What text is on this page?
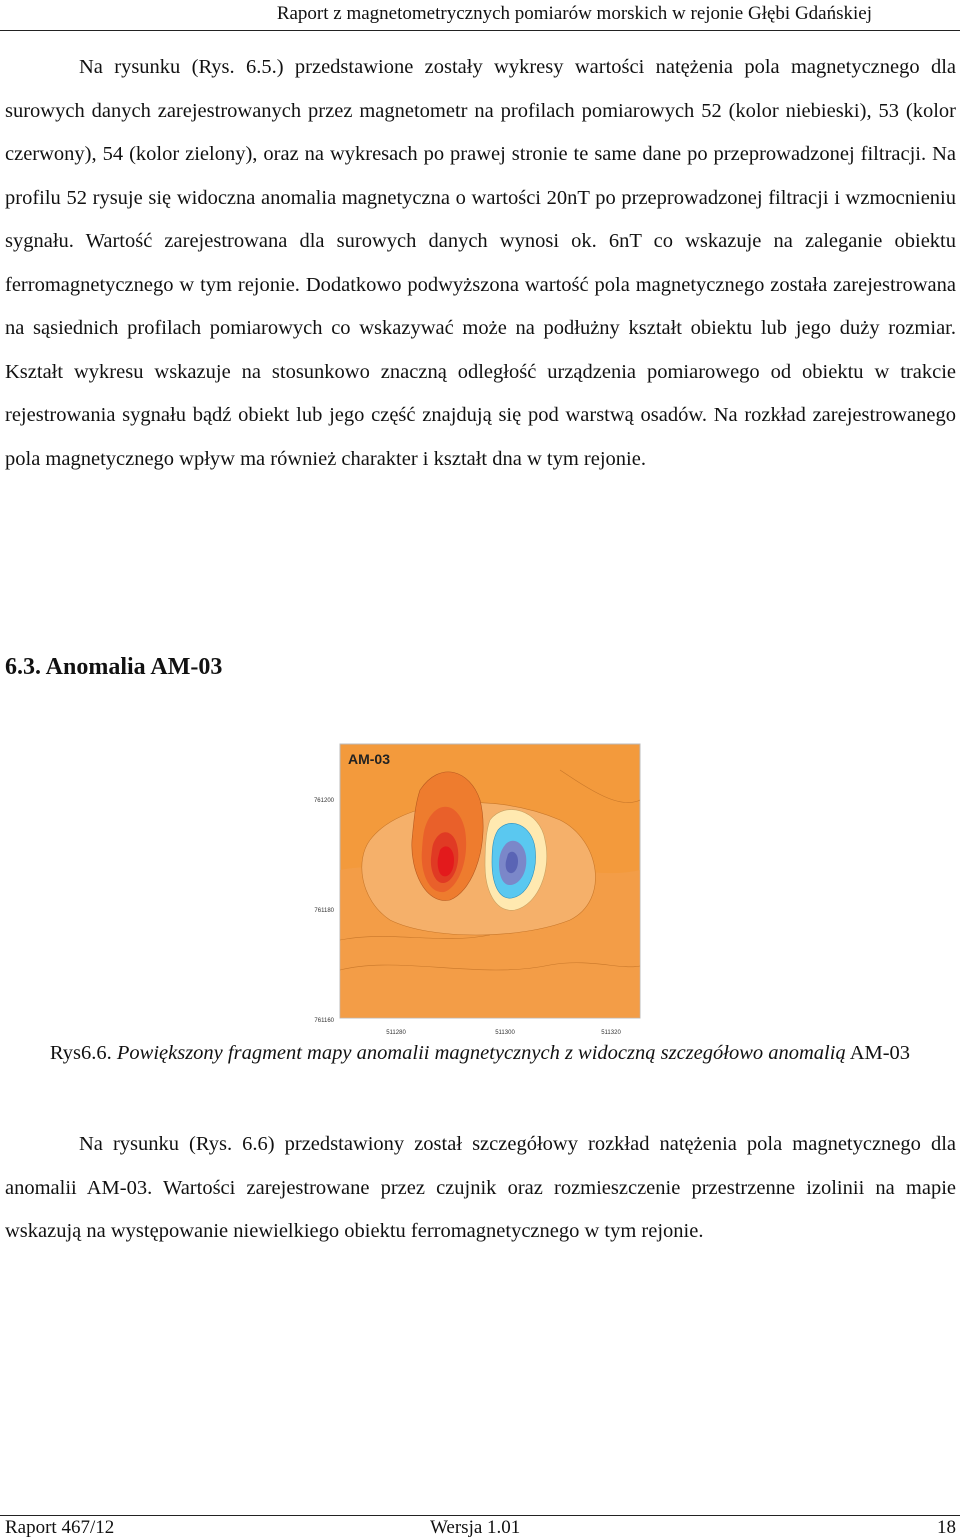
Raport z magnetometrycznych pomiarów morskich w rejonie Głębi Gdańskiej

Na rysunku (Rys. 6.5.) przedstawione zostały wykresy wartości natężenia pola magnetycznego dla surowych danych zarejestrowanych przez magnetometr na profilach pomiarowych 52 (kolor niebieski), 53 (kolor czerwony), 54 (kolor zielony), oraz na wykresach po prawej stronie te same dane po przeprowadzonej filtracji. Na profilu 52 rysuje się widoczna anomalia magnetyczna o wartości 20nT po przeprowadzonej filtracji i wzmocnieniu sygnału. Wartość zarejestrowana dla surowych danych wynosi ok. 6nT co wskazuje na zaleganie obiektu ferromagnetycznego w tym rejonie. Dodatkowo podwyższona wartość pola magnetycznego została zarejestrowana na sąsiednich profilach pomiarowych co wskazywać może na podłużny kształt obiektu lub jego duży rozmiar. Kształt wykresu wskazuje na stosunkowo znaczną odległość urządzenia pomiarowego od obiektu w trakcie rejestrowania sygnału bądź obiekt lub jego część znajdują się pod warstwą osadów. Na rozkład zarejestrowanego pola magnetycznego wpływ ma również charakter i kształt dna w tym rejonie.

6.3. Anomalia AM-03
AM-03
761200
761180
761160
511280	511300	511320
Rys6.6. Powiększony fragment mapy anomalii magnetycznych z widoczną szczegółowo anomalią AM-03

Na rysunku (Rys. 6.6) przedstawiony został szczegółowy rozkład natężenia pola magnetycznego dla anomalii AM-03. Wartości zarejestrowane przez czujnik oraz rozmieszczenie przestrzenne izolinii na mapie wskazują na występowanie niewielkiego obiektu ferromagnetycznego w tym rejonie.

Raport 467/12	Wersja 1.01	18
